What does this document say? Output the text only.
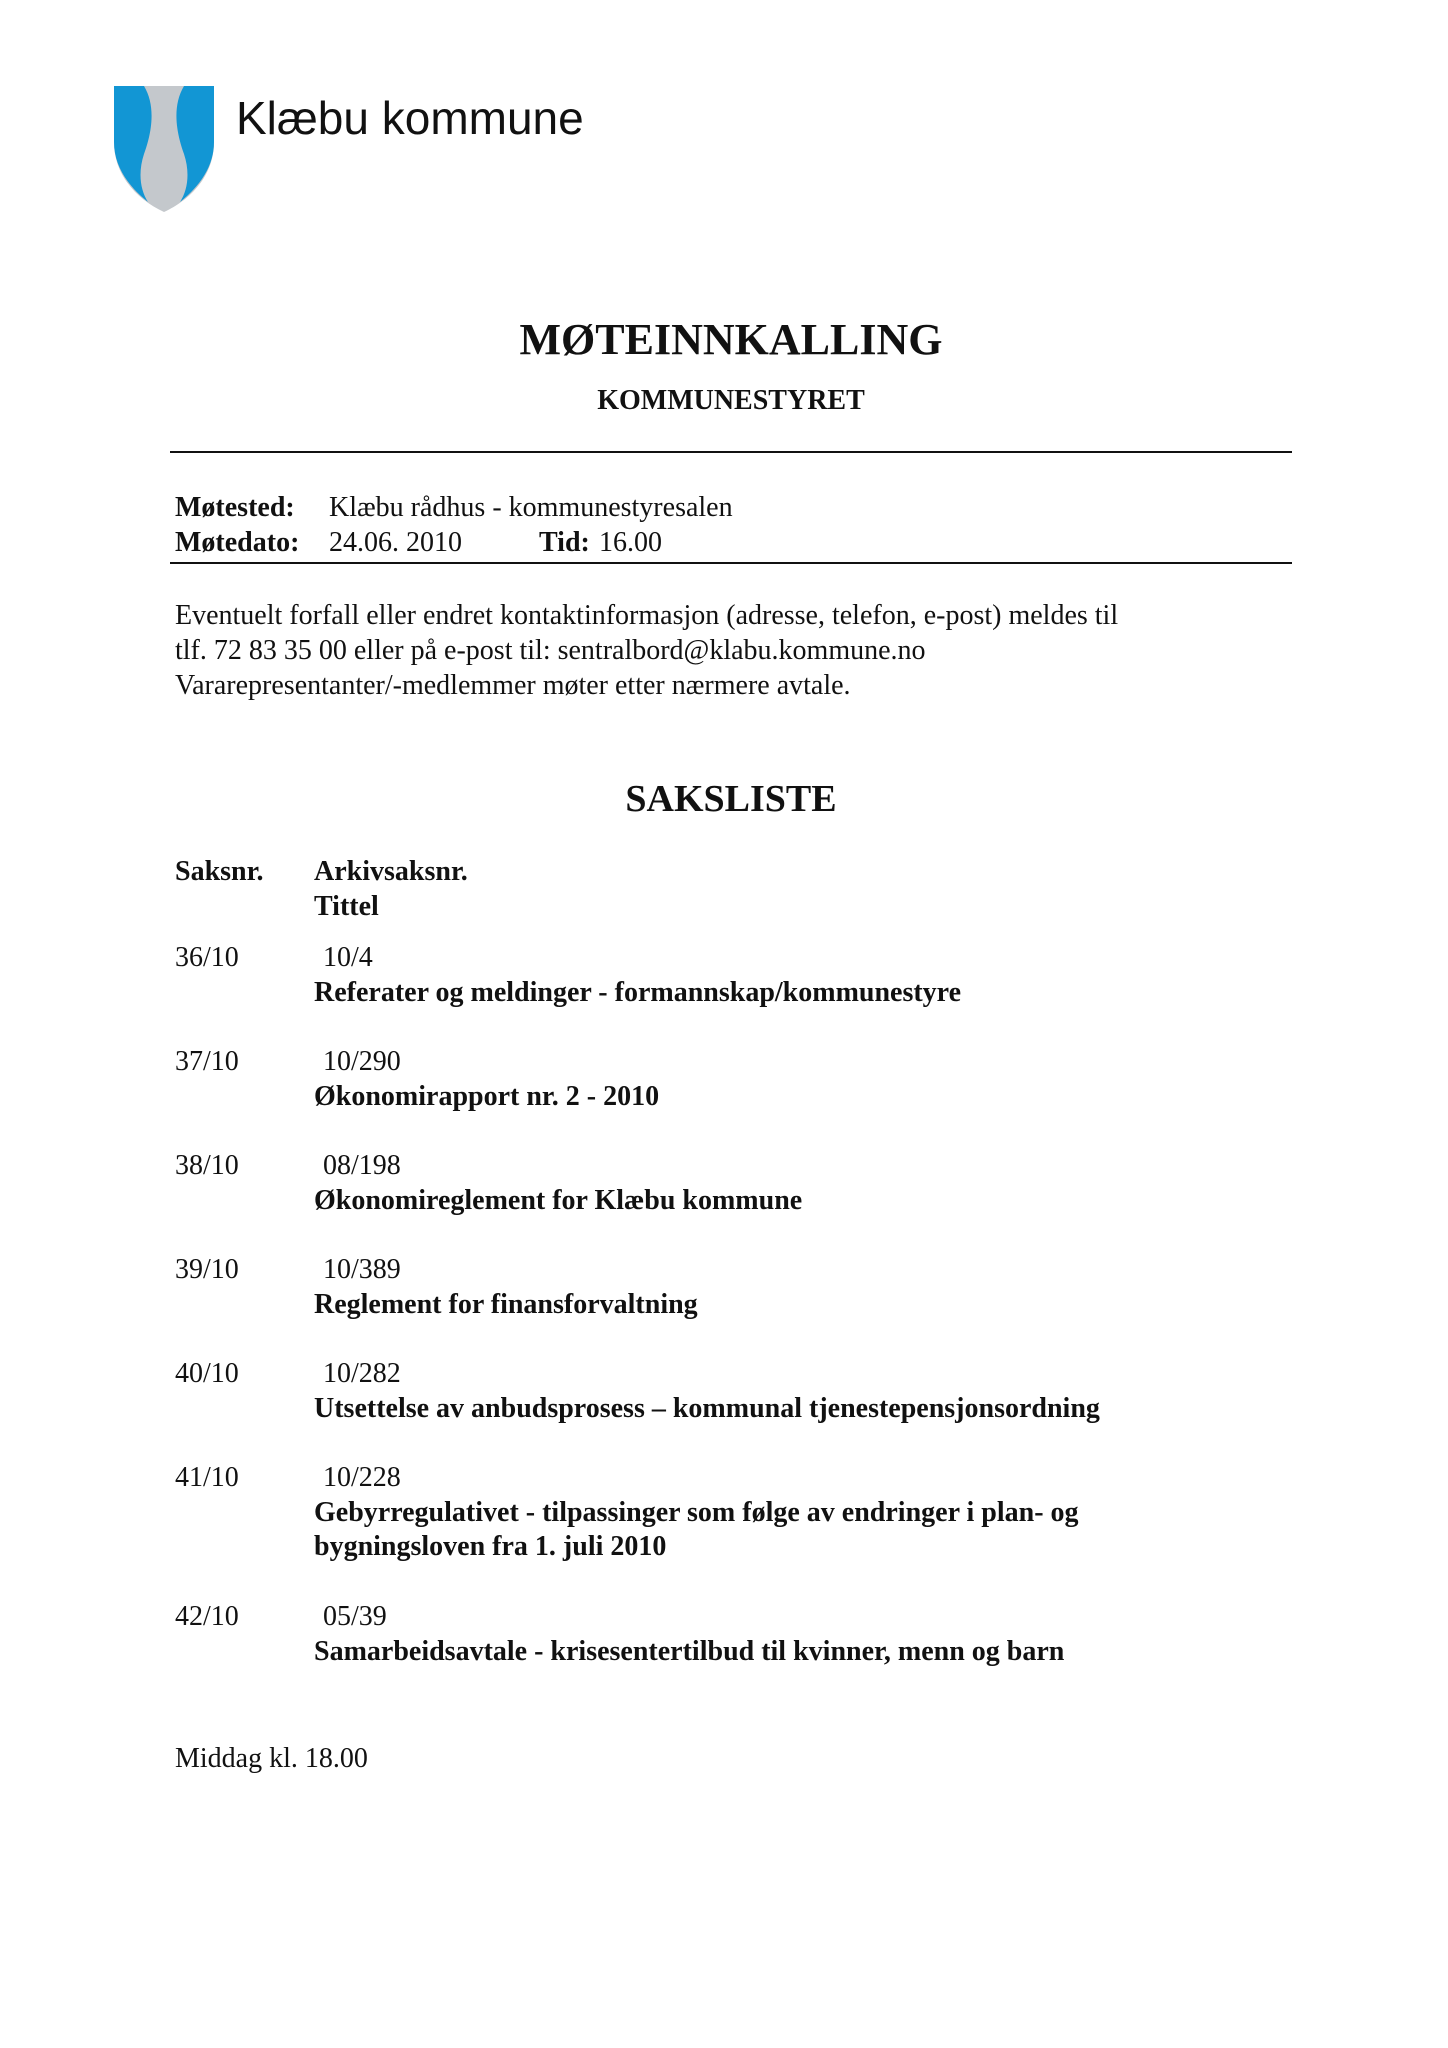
Klæbu kommune
MØTEINNKALLING
KOMMUNESTYRET
Møtested: Klæbu rådhus - kommunestyresalen
Møtedato: 24.06. 2010	Tid: 16.00
Eventuelt forfall eller endret kontaktinformasjon (adresse, telefon, e-post) meldes til
tlf. 72 83 35 00 eller på e-post til: sentralbord@klabu.kommune.no
Vararepresentanter/-medlemmer møter etter nærmere avtale.
SAKSLISTE
Saksnr. Arkivsaksnr.
Tittel
36/10	10/4
Referater og meldinger - formannskap/kommunestyre
37/10	10/290
Økonomirapport nr. 2 - 2010
38/10	08/198
Økonomireglement for Klæbu kommune
39/10	10/389
Reglement for finansforvaltning
40/10	10/282
Utsettelse av anbudsprosess – kommunal tjenestepensjonsordning
41/10	10/228
Gebyrregulativet - tilpassinger som følge av endringer i plan- og bygningsloven fra 1. juli 2010
42/10	05/39
Samarbeidsavtale - krisesentertilbud til kvinner, menn og barn
Middag kl. 18.00
